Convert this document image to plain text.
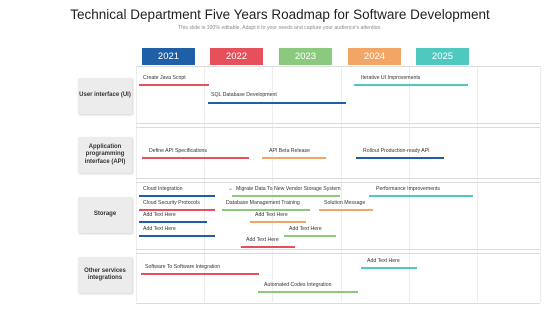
Technical Department Five Years Roadmap for Software Development
This slide is 100% editable. Adapt it to your needs and capture your audience's attention.
2021	2022	2023	2024	2025
User interface (UI)
Application programming interface (API)
Storage
Other services integrations
Create Java Script	Iterative UI Improvements
SQL Database Development
Define API Specifications	API Beta Release	Rollout Production-ready API
Cloud Integration	⌄ Migrate Data To New Vendor Storage System	Performance Improvements
Cloud Security Protocols	Database Management Training	Solution Message
Add Text Here	Add Text Here
Add Text Here	Add Text Here
Add Text Here
Software To Software Integration
Add Text Here
Automated Codes Integration
